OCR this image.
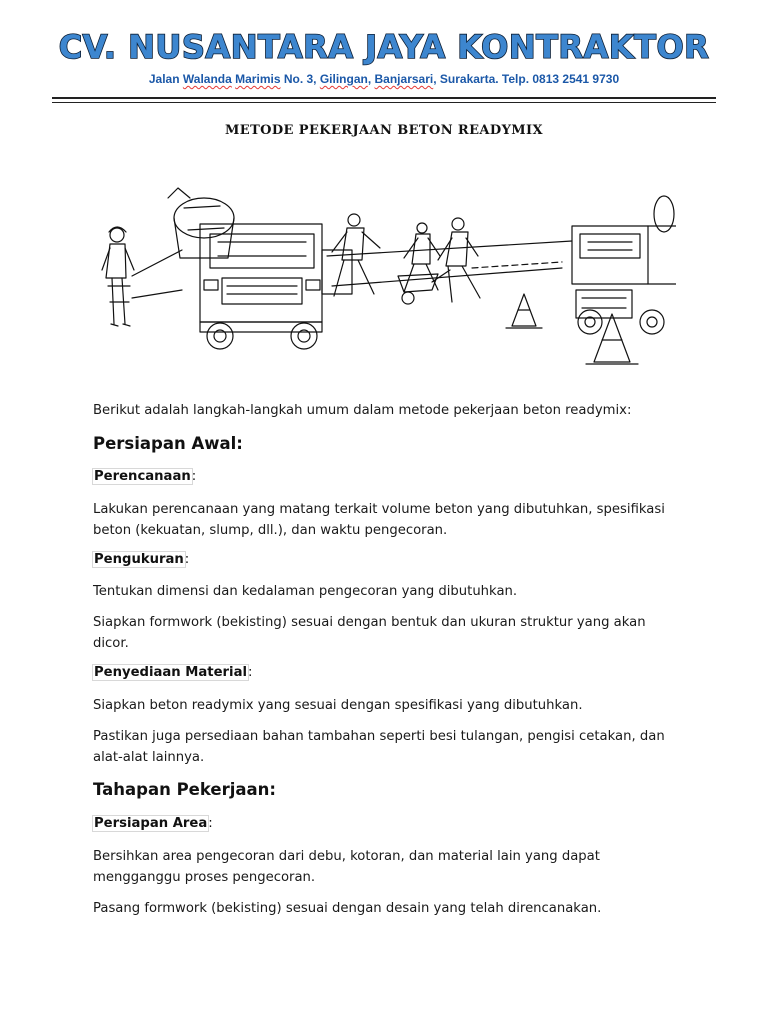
CV. NUSANTARA JAYA KONTRAKTOR
Jalan Walanda Marimis No. 3, Gilingan, Banjarsari, Surakarta. Telp. 0813 2541 9730
METODE PEKERJAAN BETON READYMIX
Berikut adalah langkah-langkah umum dalam metode pekerjaan beton readymix:
Persiapan Awal:
Perencanaan:
Lakukan perencanaan yang matang terkait volume beton yang dibutuhkan, spesifikasi beton (kekuatan, slump, dll.), dan waktu pengecoran.
Pengukuran:
Tentukan dimensi dan kedalaman pengecoran yang dibutuhkan.
Siapkan formwork (bekisting) sesuai dengan bentuk dan ukuran struktur yang akan dicor.
Penyediaan Material:
Siapkan beton readymix yang sesuai dengan spesifikasi yang dibutuhkan.
Pastikan juga persediaan bahan tambahan seperti besi tulangan, pengisi cetakan, dan alat-alat lainnya.
Tahapan Pekerjaan:
Persiapan Area:
Bersihkan area pengecoran dari debu, kotoran, dan material lain yang dapat mengganggu proses pengecoran.
Pasang formwork (bekisting) sesuai dengan desain yang telah direncanakan.
